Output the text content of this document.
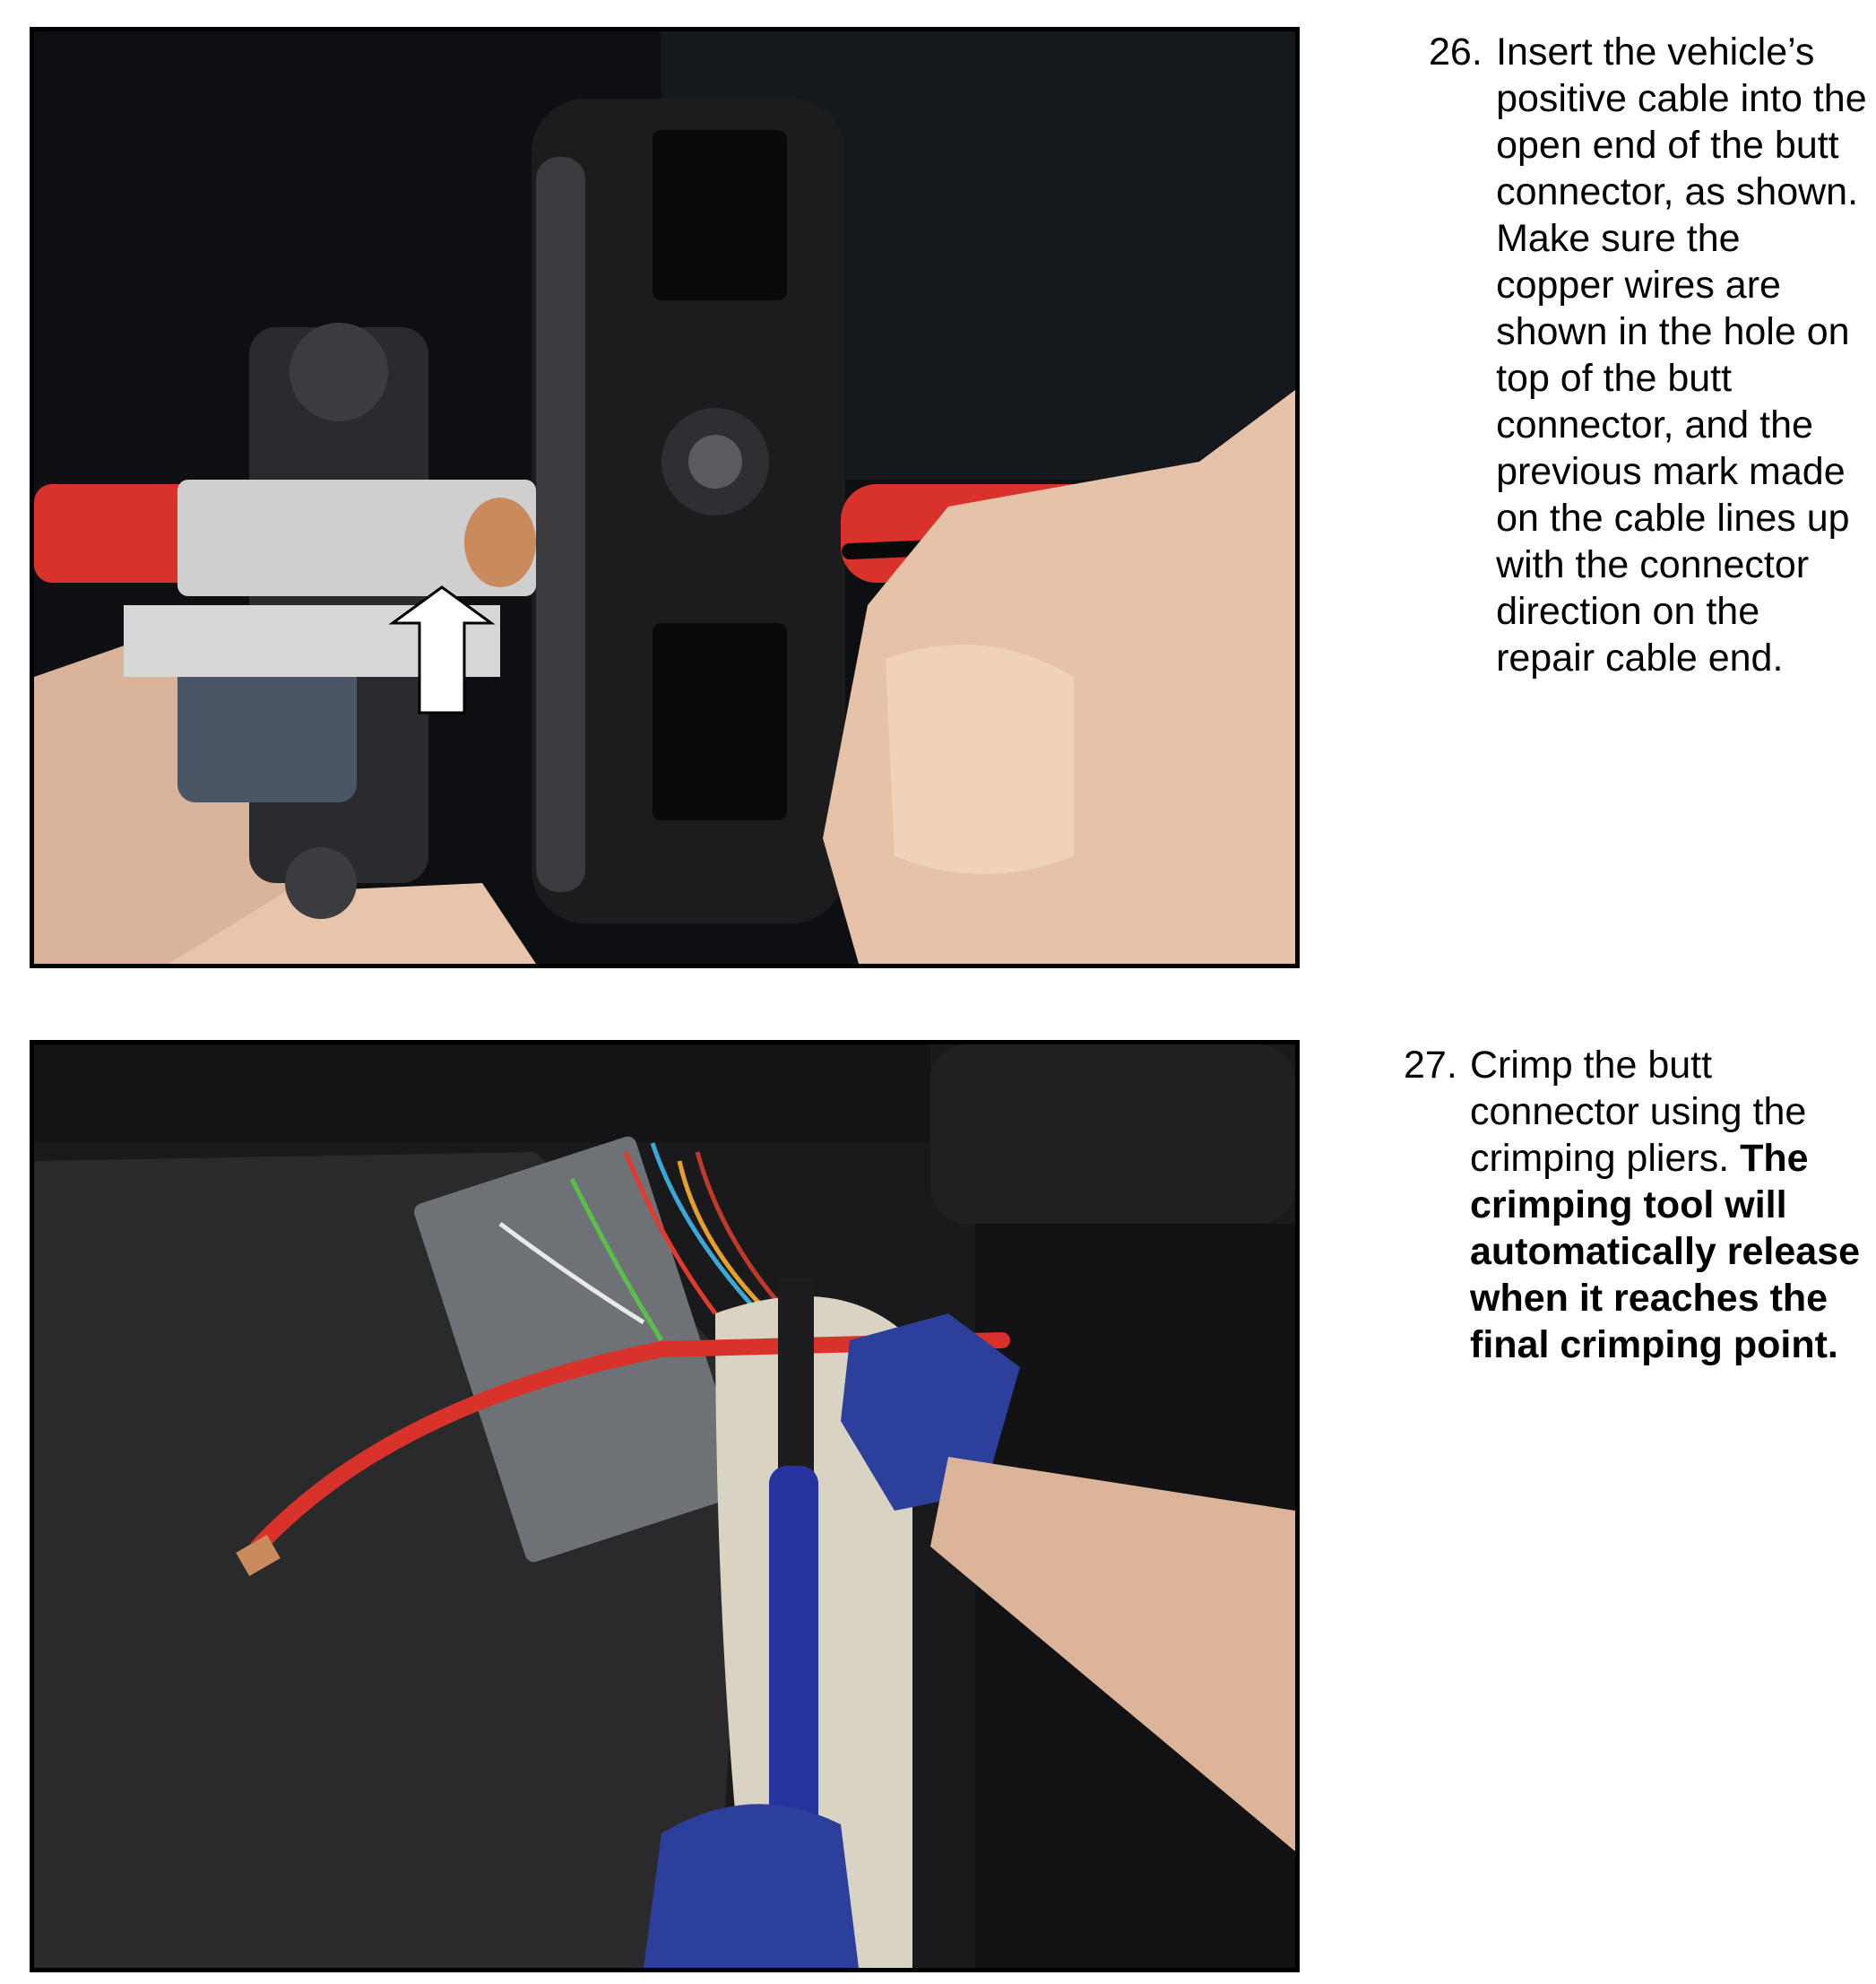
26. Insert the vehicle’s positive cable into the open end of the butt connector, as shown. Make sure the copper wires are shown in the hole on top of the butt connector, and the previous mark made on the cable lines up with the connector direction on the repair cable end.
27. Crimp the butt connector using the crimping pliers. The crimping tool will automatically release when it reaches the final crimping point.
